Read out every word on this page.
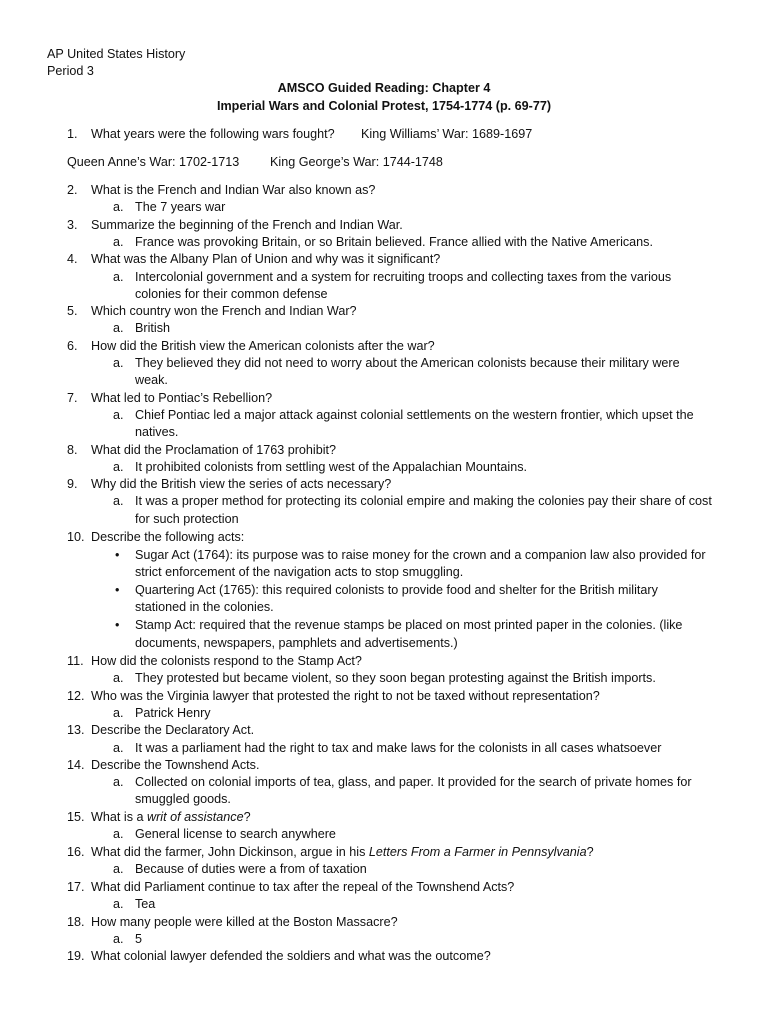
AP United States History
Period 3
AMSCO Guided Reading: Chapter 4
Imperial Wars and Colonial Protest, 1754-1774 (p. 69-77)
1.	What years were the following wars fought? King Williams’ War: 1689-1697
Queen Anne’s War: 1702-1713 King George’s War: 1744-1748
2.	What is the French and Indian War also known as?
a. The 7 years war
3.	Summarize the beginning of the French and Indian War.
a. France was provoking Britain, or so Britain believed. France allied with the Native Americans.
4.	What was the Albany Plan of Union and why was it significant?
a. Intercolonial government and a system for recruiting troops and collecting taxes from the various
colonies for their common defense
5.	Which country won the French and Indian War?
a. British
6.	How did the British view the American colonists after the war?
a. They believed they did not need to worry about the American colonists because their military were
weak.
7.	What led to Pontiac’s Rebellion?
a. Chief Pontiac led a major attack against colonial settlements on the western frontier, which upset the
natives.
8.	What did the Proclamation of 1763 prohibit?
a. It prohibited colonists from settling west of the Appalachian Mountains.
9.	Why did the British view the series of acts necessary?
a. It was a proper method for protecting its colonial empire and making the colonies pay their share of cost
for such protection
10. Describe the following acts:
• Sugar Act (1764): its purpose was to raise money for the crown and a companion law also provided for
strict enforcement of the navigation acts to stop smuggling.
• Quartering Act (1765): this required colonists to provide food and shelter for the British military
stationed in the colonies.
• Stamp Act: required that the revenue stamps be placed on most printed paper in the colonies. (like
documents, newspapers, pamphlets and advertisements.)
11. How did the colonists respond to the Stamp Act?
a. They protested but became violent, so they soon began protesting against the British imports.
12. Who was the Virginia lawyer that protested the right to not be taxed without representation?
a. Patrick Henry
13. Describe the Declaratory Act.
a. It was a parliament had the right to tax and make laws for the colonists in all cases whatsoever
14. Describe the Townshend Acts.
a. Collected on colonial imports of tea, glass, and paper. It provided for the search of private homes for
smuggled goods.
15. What is a writ of assistance?
a. General license to search anywhere
16. What did the farmer, John Dickinson, argue in his Letters From a Farmer in Pennsylvania?
a. Because of duties were a from of taxation
17. What did Parliament continue to tax after the repeal of the Townshend Acts?
a. Tea
18. How many people were killed at the Boston Massacre?
a. 5
19. What colonial lawyer defended the soldiers and what was the outcome?
